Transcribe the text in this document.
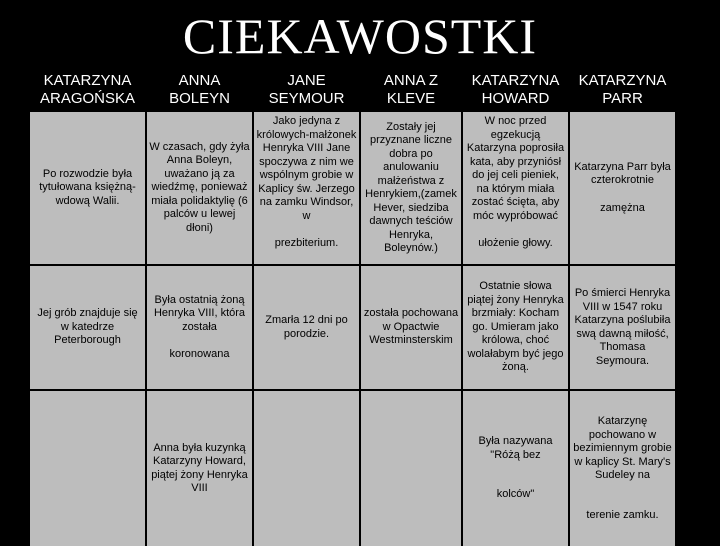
CIEKAWOSTKI
KATARZYNA
ARAGOŃSKA
ANNA
BOLEYN
JANE
SEYMOUR
ANNA Z
KLEVE
KATARZYNA
HOWARD
KATARZYNA
PARR
Po rozwodzie była tytułowana księżną- wdową Walii.
W czasach, gdy żyła Anna Boleyn, uważano ją za wiedźmę, ponieważ miała polidaktylię (6 palców u lewej dłoni)
Jako jedyna z królowych-małżonek Henryka VIII Jane spoczywa z nim we wspólnym grobie w Kaplicy św. Jerzego na zamku Windsor, w
prezbiterium.
Zostały jej przyznane liczne dobra po anulowaniu małżeństwa z Henrykiem,(zamek Hever, siedziba dawnych teściów Henryka, Boleynów.)
W noc przed egzekucją Katarzyna poprosiła kata, aby przyniósł do jej celi pieniek, na którym miała zostać ścięta, aby móc wypróbować
ułożenie głowy.
Katarzyna Parr była czterokrotnie
zamężna
Jej grób znajduje się w katedrze Peterborough
Była ostatnią żoną Henryka VIII, która została
koronowana
Zmarła 12 dni po porodzie.
została pochowana w Opactwie Westminsterskim
Ostatnie słowa piątej żony Henryka brzmiały: Kocham go. Umieram jako królowa, choć wolałabym być jego żoną.
Po śmierci Henryka VIII w 1547 roku Katarzyna poślubiła swą dawną miłość, Thomasa Seymoura.
Anna była kuzynką Katarzyny Howard, piątej żony Henryka VIII
Była nazywana "Różą bez
kolców"
Katarzynę pochowano w bezimiennym grobie w kaplicy St. Mary's Sudeley na
terenie zamku.
